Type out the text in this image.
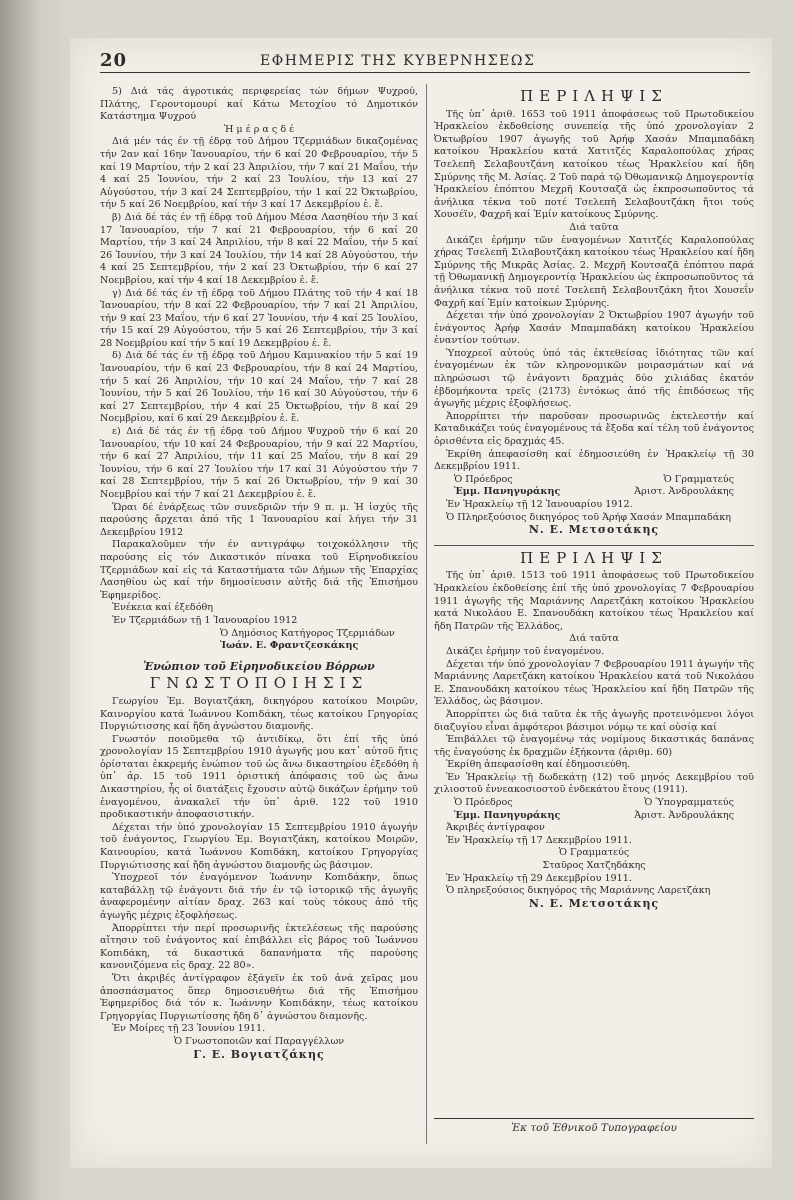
20	ΕΦΗΜΕΡΙΣ ΤΗΣ ΚΥΒΕΡΝΗΣΕΩΣ

5) Διά τάς άγροτικάς περιφερείας τών δήμων Ψυχρού, Πλάτης, Γεροντομουρί καί Κάτω Μετοχίου τό Δημοτικόν Κατάστημα Ψυχρού

Ἡ μ έ ρ α ς δ έ

Διά μέν τάς έν τῇ έδρᾳ τοῦ Δήμου Τζερμιάδων δικαζομένας τήν 2αν καί 16ην Ἰανουαρίου, τήν 6 καί 20 Φεβρουαρίου, τήν 5 καί 19 Μαρτίου, τήν 2 καί 23 Ἀπριλίου, τήν 7 καί 21 Μαΐου, τήν 4 καί 25 Ἰουνίου, τήν 2 καί 23 Ἰουλίου, τήν 13 καί 27 Αὐγούστου, τήν 3 καί 24 Σεπτεμβρίου, τήν 1 καί 22 Ὀκτωβρίου, τήν 5 καί 26 Νοεμβρίου, καί τήν 3 καί 17 Δεκεμβρίου ἑ. ἔ.

β) Διά δέ τάς έν τῇ έδρᾳ τοῦ Δήμου Μέσα Λασηθίου τήν 3 καί 17 Ἰανουαρίου, τήν 7 καί 21 Φεβρουαρίου, τήν 6 καί 20 Μαρτίου, τήν 3 καί 24 Ἀπριλίου, τήν 8 καί 22 Μαΐου, τήν 5 καί 26 Ἰουνίου, τήν 3 καί 24 Ἰουλίου, τήν 14 καί 28 Αὐγούστου, τήν 4 καί 25 Σεπτεμβρίου, τήν 2 καί 23 Ὀκτωβρίου, τήν 6 καί 27 Νοεμβρίου, καί τήν 4 καί 18 Δεκεμβρίου ἑ. ἔ.

γ) Διά δέ τάς έν τῇ έδρᾳ τοῦ Δήμου Πλάτης τοῦ τήν 4 καί 18 Ἰανουαρίου, τήν 8 καί 22 Φεβρουαρίου, τήν 7 καί 21 Ἀπριλίου, τήν 9 καί 23 Μαΐου, τήν 6 καί 27 Ἰουνίου, τήν 4 καί 25 Ἰουλίου, τήν 15 καί 29 Αὐγούστου, τήν 5 καί 26 Σεπτεμβρίου, τήν 3 καί 28 Νοεμβρίου καί τήν 5 καί 19 Δεκεμβρίου ἑ. ἔ.

δ) Διά δέ τάς έν τῇ έδρᾳ τοῦ Δήμου Καμινακίου τήν 5 καί 19 Ἰανουαρίου, τήν 6 καί 23 Φεβρουαρίου, τήν 8 καί 24 Μαρτίου, τήν 5 καί 26 Ἀπριλίου, τήν 10 καί 24 Μαΐου, τήν 7 καί 28 Ἰουνίου, τήν 5 καί 26 Ἰουλίου, τήν 16 καί 30 Αὐγούστου, τήν 6 καί 27 Σεπτεμβρίου, τήν 4 καί 25 Ὀκτωβρίου, τήν 8 καί 29 Νοεμβρίου, καί 6 καί 29 Δεκεμβρίου ἑ. ἔ.

ε) Διά δέ τάς έν τῇ έδρᾳ τοῦ Δήμου Ψυχροῦ τήν 6 καί 20 Ἰανουαρίου, τήν 10 καί 24 Φεβρουαρίου, τήν 9 καί 22 Μαρτίου, τήν 6 καί 27 Ἀπριλίου, τήν 11 καί 25 Μαΐου, τήν 8 καί 29 Ἰουνίου, τήν 6 καί 27 Ἰουλίου τήν 17 καί 31 Αὐγούστου τήν 7 καί 28 Σεπτεμβρίου, τήν 5 καί 26 Ὀκτωβρίου, τήν 9 καί 30 Νοεμβρίου καί τήν 7 καί 21 Δεκεμβρίου ἑ. ἔ.

Ὥραι δέ ἐνάρξεως τῶν συνεδριῶν τήν 9 π. μ. Ἡ ἰσχύς τῆς παρούσης ἄρχεται ἀπό τῆς 1 Ἰανουαρίου καί λήγει τήν 31 Δεκεμβρίου 1912

Παρακαλοῦμεν τήν έν αντιγράφῳ τοιχοκόλλησιν τῆς παρούσης εἰς τόν Δικαστικόν πίνακα τοῦ Εἰρηνοδικείου Τζερμιάδων καί εἰς τά Καταστήματα τῶν Δήμων τῆς Ἐπαρχίας Λασηθίου ὡς καί τήν δημοσίευσιν αὐτῆς διά τῆς Ἐπισήμου Ἐφημερίδος.

Ἐνέκεια καί ἐξεδόθη

Ἐν Τζερμιάδων τῇ 1 Ἰανουαρίου 1912

Ὁ Δημόσιος Κατήγορος Τζερμιάδων

Ἰωάν. Ε. Φραντζεσκάκης

Ἐνώπιον τοῦ Εἰρηνοδικείου Βόρρων

ΓΝΩΣΤΟΠΟΙΗΣΙΣ

Γεωργίου Ἐμ. Βογιατζάκη, δικηγόρου κατοίκου Μοιρῶν, Καινοργίου κατά Ἰωάννου Κοπιδάκη, τέως κατοίκου Γρηγορίας Πυργιώτισσης καί ἤδη ἀγνώστου διαμονῆς.

Γνωστόν ποιοῦμεθα τῷ ἀντιδίκῳ, ὅτι ἐπί τῆς ὑπό χρονολογίαν 15 Σεπτεμβρίου 1910 ἀγωγῆς μου κατ᾽ αὐτοῦ ἤτις ὁρίσταται ἐκκρεμής ἐνώπιον τοῦ ὡς ἄνω δικαστηρίου ἐξεδόθη ἡ ὑπ᾽ ἀρ. 15 τοῦ 1911 ὁριστική ἀπόφασις τοῦ ὡς ἄνω Δικαστηρίου, ἧς οἱ διατάξεις ἔχουσιν αὐτῷ δικάζων ἐρήμην τοῦ ἐναγομένου, ἀνακαλεῖ τήν ὑπ᾽ ἀριθ. 122 τοῦ 1910 προδικαστικήν ἀποφασιστικήν.

Δέχεται τήν ὑπό χρονολογίαν 15 Σεπτεμβρίου 1910 ἀγωγήν τοῦ ἐνάγοντος, Γεωργίου Ἐμ. Βογιατζάκη, κατοίκου Μοιρῶν, Καινουρίου, κατά Ἰωάννου Κοπιδάκη, κατοίκου Γρηγοργίας Πυργιώτισσης καί ἤδη ἀγνώστου διαμονῆς ὡς βάσιμον.

Ὑποχρεοῖ τόν ἐναγόμενον Ἰωάννην Κοπιδάκην, ὅπως καταβάλλῃ τῷ ἐνάγοντι διά τήν ἐν τῷ ἱστορικῷ τῆς ἀγωγῆς ἀναφερομένην αἰτίαν δραχ. 263 καί τοὺς τόκους ἀπό τῆς ἀγωγῆς μέχρις ἐξοφλήσεως.

Ἀπορρίπτει τήν περί προσωρινῆς ἐκτελέσεως τῆς παρούσης αἴτησιν τοῦ ἐνάγοντος καί ἐπιβάλλει εἰς βάρος τοῦ Ἰωάννου Κοπιδάκη, τά δικαστικά δαπανήματα τῆς παρούσης κανονιζόμενα εἰς δραχ. 22 80».

Ὅτι ἀκριβές ἀντίγραφον ἐξάγεῖν ἐκ τοῦ ἀνά χεῖρας μου ἀποσπάσματος ὅπερ δημοσιευθήτω διά τῆς Ἐπισήμου Ἐφημερίδος διά τόν κ. Ἰωάννην Κοπιδάκην, τέως κατοίκου Γρηγοργίας Πυργιωτίσσης ἤδη δ᾽ ἀγνώστου διαμονῆς.

Ἐν Μοίρες τῇ 23 Ἰουνίου 1911.

Ὁ Γνωστοποιῶν καί Παραγγέλλων

Γ. Ε. Βογιατζάκης

ΠΕΡΙΛΗΨΙΣ

Τῆς ὑπ᾽ ἀριθ. 1653 τοῦ 1911 ἀποφάσεως τοῦ Πρωτοδικείου Ἡρακλείου ἐκδοθείσης συνεπείᾳ τῆς ὑπό χρονολογίαν 2 Ὀκτωβρίου 1907 ἀγωγῆς τοῦ Ἀρήφ Χασάν Μπαμπαδάκη κατοίκου Ἡρακλείου κατά Χατιτζές Καραλοπούλας χήρας Τσελεπῆ Σελαβουτζάνη κατοίκου τέως Ἡρακλείου καί ἤδη Σμύρνης τῆς Μ. Ἀσίας. 2 Τοῦ παρά τῷ Ὀθωμανικῷ Δημογεροντίᾳ Ἡρακλείου ἐπόπτου Μεχρῆ Κουτσαζᾶ ὡς ἐκπροσωποῦντος τά ἀνήλικα τέκνα τοῦ ποτέ Τσελεπῆ Σελαβουτζάκη ἤτοι τούς Χουσέϊν, Φαχρῆ καί Ἐμίν κατοίκους Σμύρνης.

Διά ταῦτα

Δικάζει ἐρήμην τῶν ἐναγομένων Χατιτζές Καραλοπούλας χήρας Τσελεπῆ Σιλαβουτζάκη κατοίκου τέως Ἡρακλείου καί ἤδη Σμύρνης τῆς Μικρᾶς Ἀσίας. 2. Μεχρῆ Κουτσαζᾶ ἐπόπτου παρά τῇ Ὀθωμανικῇ Δημογεροντίᾳ Ἡρακλείου ὡς ἐκπροσωποῦντος τά ἀνήλικα τέκνα τοῦ ποτέ Τσελεπῆ Σελαβουτζάκη ἤτοι Χουσεΐν Φαχρῆ καί Ἐμίν κατοίκων Σμύρνης.

Δέχεται τήν ὑπό χρονολογίαν 2 Ὀκτωβρίου 1907 ἀγωγήν τοῦ ἐνάγοντος Ἀρήφ Χασάν Μπαμπαδάκη κατοίκου Ἡρακλείου ἐναντίον τούτων.

Ὑποχρεοῖ αὐτούς ὑπό τάς ἐκτεθείσας ἰδιότητας τῶν καί ἐναγομένων ἐκ τῶν κληρονομικῶν μοιρασμάτων καί νά πληρώσωσι τῷ ἐνάγοντι δραχμάς δύο χιλιάδας ἑκατόν ἑβδομήκοντα τρεῖς (2173) ἐντόκως ἀπό τῆς ἐπιδόσεως τῆς ἀγωγῆς μέχρις ἐξοφλήσεως.

Ἀπορρίπτει τήν παροῦσαν προσωρινῶς ἐκτελεστήν καί Καταδικάζει τούς ἐναγομένους τά ἔξοδα καί τέλη τοῦ ἐνάγοντος ὁρισθέντα εἰς δραχμάς 45.

Ἐκρίθη ἀπεφασίσθη καί ἐδημοσιεύθη ἐν Ἡρακλείῳ τῇ 30 Δεκεμβρίου 1911.

Ὁ Πρόεδρος	Ὁ Γραμματεύς
Ἐμμ. Πανηγυράκης	Ἀριστ. Ἀνδρουλάκης

Ἐν Ἡρακλείῳ τῇ 12 Ἰανουαρίου 1912.

Ὁ Πληρεξούσιος δικηγόρος τοῦ Ἀρήφ Χασάν Μπαμπαδάκη

Ν. Ε. Μετσοτάκης

ΠΕΡΙΛΗΨΙΣ

Τῆς ὑπ᾽ ἀριθ. 1513 τοῦ 1911 ἀποφάσεως τοῦ Πρωτοδικείου Ἡρακλείου ἐκδοθείσης ἐπί τῆς ὑπό χρονολογίας 7 Φεβρουαρίου 1911 ἀγωγῆς τῆς Μαριάννης Λαρετζάκη κατοίκου Ἡρακλείου κατά Νικολάου Ε. Σπανουδάκη κατοίκου τέως Ἡρακλείου καί ἤδη Πατρῶν τῆς Ἑλλάδος,

Διά ταῦτα

Δικάζει ἐρήμην τοῦ ἐναγομένου.

Δέχεται τήν ὑπό χρονολογίαν 7 Φεβρουαρίου 1911 ἀγωγήν τῆς Μαριάννης Λαρετζάκη κατοίκου Ἡρακλείου κατά τοῦ Νικολάου Ε. Σπανουδάκη κατοίκου τέως Ἡρακλείου καί ἤδη Πατρῶν τῆς Ἑλλάδος, ὡς βάσιμον.

Ἀπορρίπτει ὡς διά ταῦτα ἐκ τῆς ἀγωγῆς προτεινόμενοι λόγοι διαζυγίου εἶναι ἀμφότεροι βάσιμοι νόμῳ τε καί οὐσίᾳ καί

Ἐπιβάλλει τῷ ἐναγομένῳ τάς νομίμους δικαστικάς δαπάνας τῆς ἐναγούσης ἐκ δραχμῶν ἑξήκοντα (ἀριθμ. 60)

Ἐκρίθη ἀπεφασίσθη καί ἐδημοσιεύθη.

Ἐν Ἡρακλείῳ τῇ δωδεκάτῃ (12) τοῦ μηνός Δεκεμβρίου τοῦ χιλιοστοῦ ἐννεακοσιοστοῦ ἑνδεκάτου ἔτους (1911).

Ὁ Πρόεδρος	Ὁ Ὑπογραμματεύς
Ἐμμ. Πανηγυράκης	Ἀριστ. Ἀνδρουλάκης

Ἀκριβές ἀντίγραφον

Ἐν Ἡρακλείῳ τῇ 17 Δεκεμβρίου 1911.

Ὁ Γραμματεύς

Σταῦρος Χατζηδάκης

Ἐν Ἡρακλείῳ τῇ 29 Δεκεμβρίου 1911.

Ὁ πληρεξούσιος δικηγόρος τῆς Μαριάννης Λαρετζάκη

Ν. Ε. Μετσοτάκης

Ἐκ τοῦ Ἐθνικοῦ Τυπογραφείου
